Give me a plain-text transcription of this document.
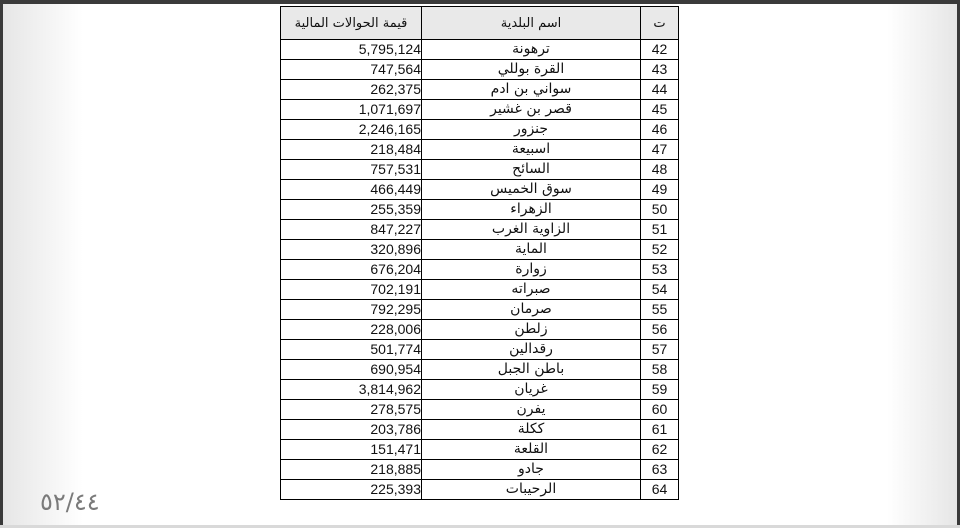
قيمة الحوالات المالية	اسم البلدية	ت
5,795,124	ترهونة	42
747,564	القرة بوللي	43
262,375	سواني بن ادم	44
1,071,697	قصر بن غشير	45
2,246,165	جنزور	46
218,484	اسبيعة	47
757,531	السائح	48
466,449	سوق الخميس	49
255,359	الزهراء	50
847,227	الزاوية الغرب	51
320,896	الماية	52
676,204	زوارة	53
702,191	صبراته	54
792,295	صرمان	55
228,006	زلطن	56
501,774	رقدالين	57
690,954	باطن الجبل	58
3,814,962	غريان	59
278,575	يفرن	60
203,786	ككلة	61
151,471	القلعة	62
218,885	جادو	63
225,393	الرحيبات	64
٥٢/٤٤
